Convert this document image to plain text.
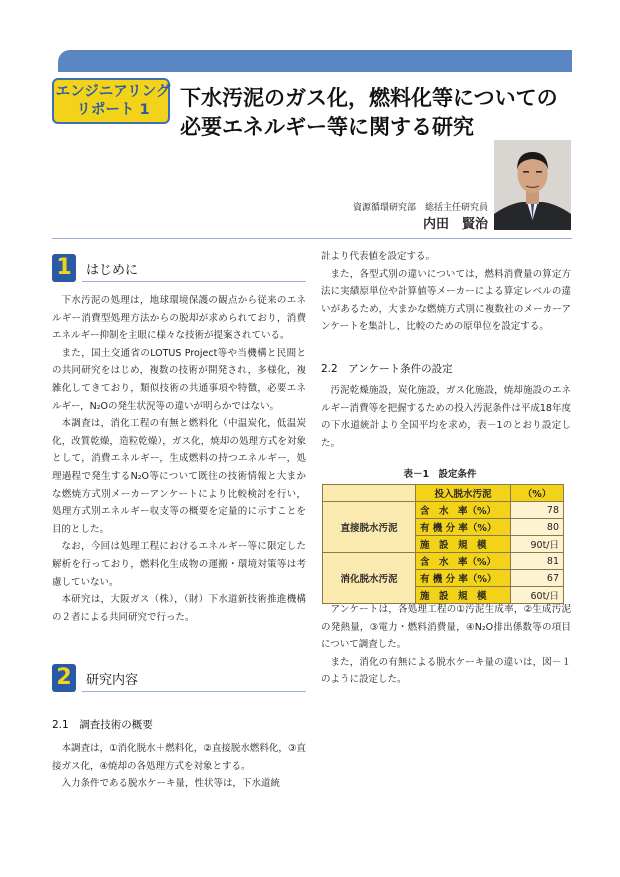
エンジニアリング
リポート 1	下水汚泥のガス化，燃料化等についての
必要エネルギー等に関する研究
資源循環研究部　総括主任研究員
内田　賢治
1	はじめに

下水汚泥の処理は，地球環境保護の観点から従来のエネルギー消費型処理方法からの脱却が求められており，消費エネルギー抑制を主眼に様々な技術が提案されている。

また，国土交通省のLOTUS Project等や当機構と民間との共同研究をはじめ，複数の技術が開発され，多様化，複雑化してきており，類似技術の共通事項や特徴，必要エネルギー，N₂Oの発生状況等の違いが明らかではない。

本調査は，消化工程の有無と燃料化（中温炭化，低温炭化，改質乾燥，造粒乾燥），ガス化，焼却の処理方式を対象として，消費エネルギー，生成燃料の持つエネルギー，処理過程で発生するN₂O等について既往の技術情報と大まかな燃焼方式別メーカーアンケートにより比較検討を行い，処理方式別エネルギー収支等の概要を定量的に示すことを目的とした。

なお，今回は処理工程におけるエネルギー等に限定した解析を行っており，燃料化生成物の運搬・環境対策等は考慮していない。

本研究は，大阪ガス（株），（財）下水道新技術推進機構の２者による共同研究で行った。

2	研究内容
2.1　調査技術の概要

本調査は，①消化脱水＋燃料化，②直接脱水燃料化，③直接ガス化，④焼却の各処理方式を対象とする。

入力条件である脱水ケーキ量，性状等は，下水道統

計より代表値を設定する。

また，各型式別の違いについては，燃料消費量の算定方法に実績原単位や計算値等メーカーによる算定レベルの違いがあるため，大まかな燃焼方式別に複数社のメーカーアンケートを集計し，比較のための原単位を設定する。

2.2　アンケート条件の設定

汚泥乾燥施設，炭化施設，ガス化施設，焼却施設のエネルギー消費等を把握するための投入汚泥条件は平成18年度の下水道統計より全国平均を求め，表－1のとおり設定した。

表－1　設定条件
	投入脱水汚泥	（%）
直接脱水汚泥	含　水　率（%）	78
	有 機 分 率（%）	80
	施　設　規　模	90t/日
消化脱水汚泥	含　水　率（%）	81
	有 機 分 率（%）	67
	施　設　規　模	60t/日

アンケートは，各処理工程の①汚泥生成率，②生成汚泥の発熱量，③電力・燃料消費量，④N₂O排出係数等の項目について調査した。

また，消化の有無による脱水ケーキ量の違いは，図－１のように設定した。
